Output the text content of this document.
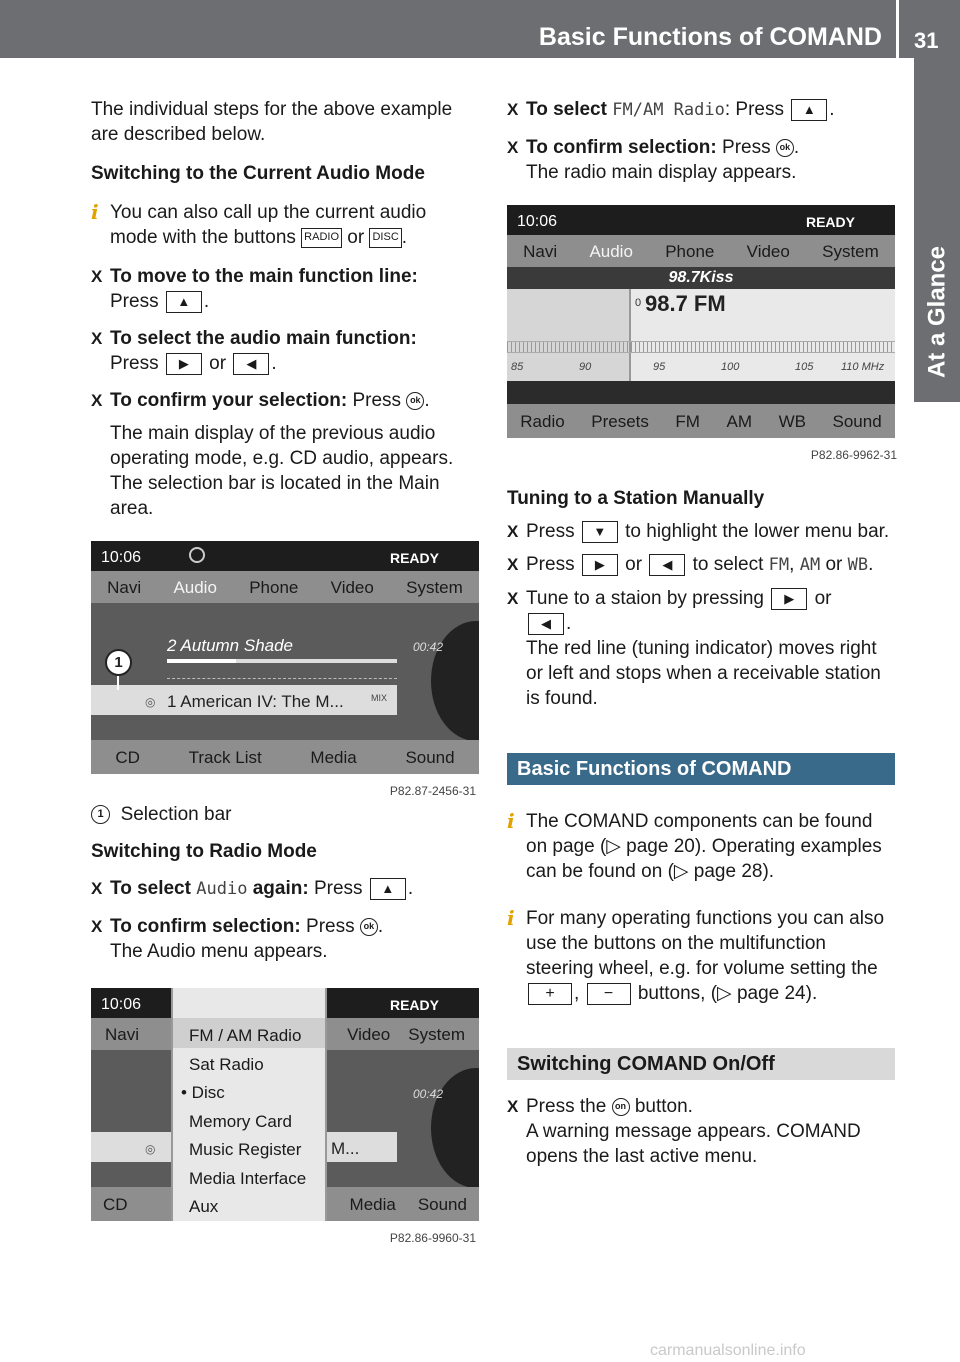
Basic Functions of COMAND 31
At a Glance

The individual steps for the above example are described below.

Switching to the Current Audio Mode

i You can also call up the current audio mode with the buttons RADIO or DISC .

X To move to the main function line:
Press ▲ .

X To select the audio main function:
Press ▶ or ◀ .

X To confirm your selection: Press ok .

The main display of the previous audio operating mode, e.g. CD audio, appears. The selection bar is located in the Main area.

10:06	READY
Navi Audio Phone Video System
2 Autumn Shade	00:42
◎ 1 American IV: The M...	MIX
1
CD	Track List	Media	Sound
P82.87-2456-31

1 Selection bar

Switching to Radio Mode

X To select Audio again: Press ▲ .

X To confirm selection: Press ok .
The Audio menu appears.

10:06	READY
Navi	Video System
00:42
◎	M...
CD	Media Sound
FM / AM Radio
Sat Radio
• Disc
Memory Card
Music Register
Media Interface
Aux
P82.86-9960-31

X To select FM/AM Radio: Press ▲ .

X To confirm selection: Press ok .
The radio main display appears.

10:06	READY
Navi Audio Phone Video System
98.7Kiss
0 98.7 FM
85	90	95	100	105	110 MHz
Radio Presets FM AM WB Sound
P82.86-9962-31

Tuning to a Station Manually

X Press ▼ to highlight the lower menu bar.

X Press ▶ or ◀ to select FM, AM or WB.

X Tune to a staion by pressing ▶ or
◀ .
The red line (tuning indicator) moves right or left and stops when a receivable station is found.

Basic Functions of COMAND

i The COMAND components can be found on page (▷ page 20). Operating examples can be found on (▷ page 28).

i For many operating functions you can also use the buttons on the multifunction steering wheel, e.g. for volume setting the + , − buttons, (▷ page 24).

Switching COMAND On/Off

X Press the on button.
A warning message appears. COMAND opens the last active menu.

carmanualsonline.info
